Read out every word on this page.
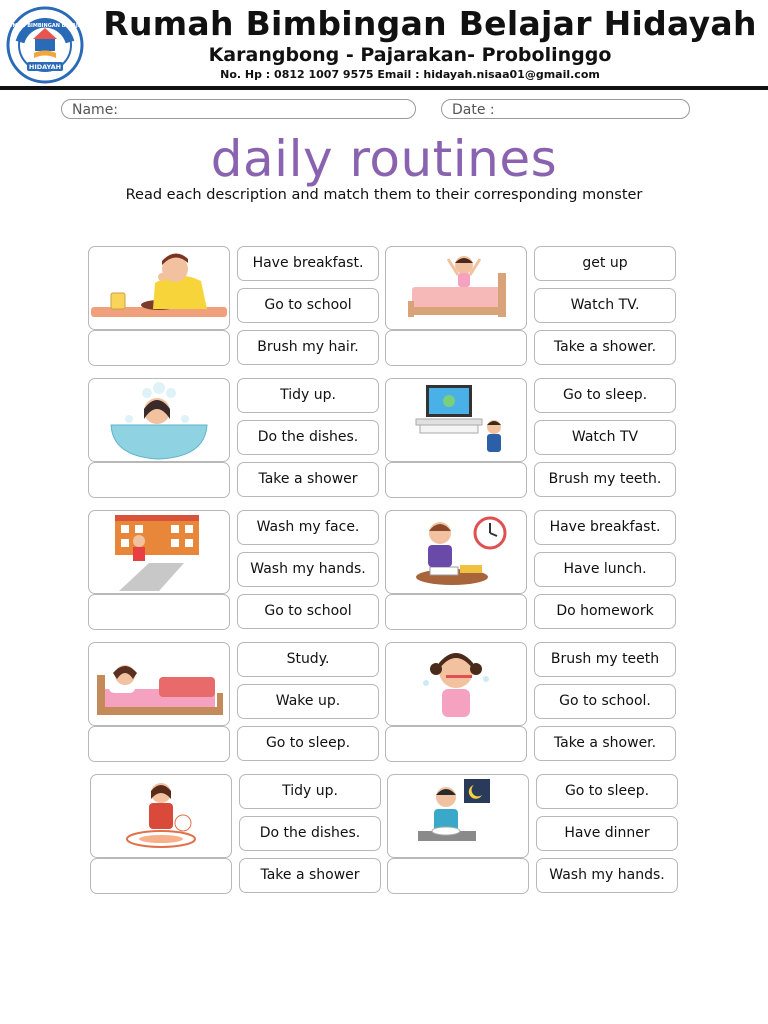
HIDAYAH
RUMAH BIMBINGAN BELAJAR Rumah Bimbingan Belajar Hidayah
Karangbong - Pajarakan- Probolinggo
No. Hp : 0812 1007 9575 Email : hidayah.nisaa01@gmail.com
Name:	Date :
daily routines
Read each description and match them to their corresponding monster
Have breakfast.
Go to school
Brush my hair.
get up
Watch TV.
Take a shower.
Tidy up.
Do the dishes.
Take a shower
Go to sleep.
Watch TV
Brush my teeth.
Wash my face.
Wash my hands.
Go to school
Have breakfast.
Have lunch.
Do homework
Study.
Wake up.
Go to sleep.
Brush my teeth
Go to school.
Take a shower.
Tidy up.
Do the dishes.
Take a shower
Go to sleep.
Have dinner
Wash my hands.
